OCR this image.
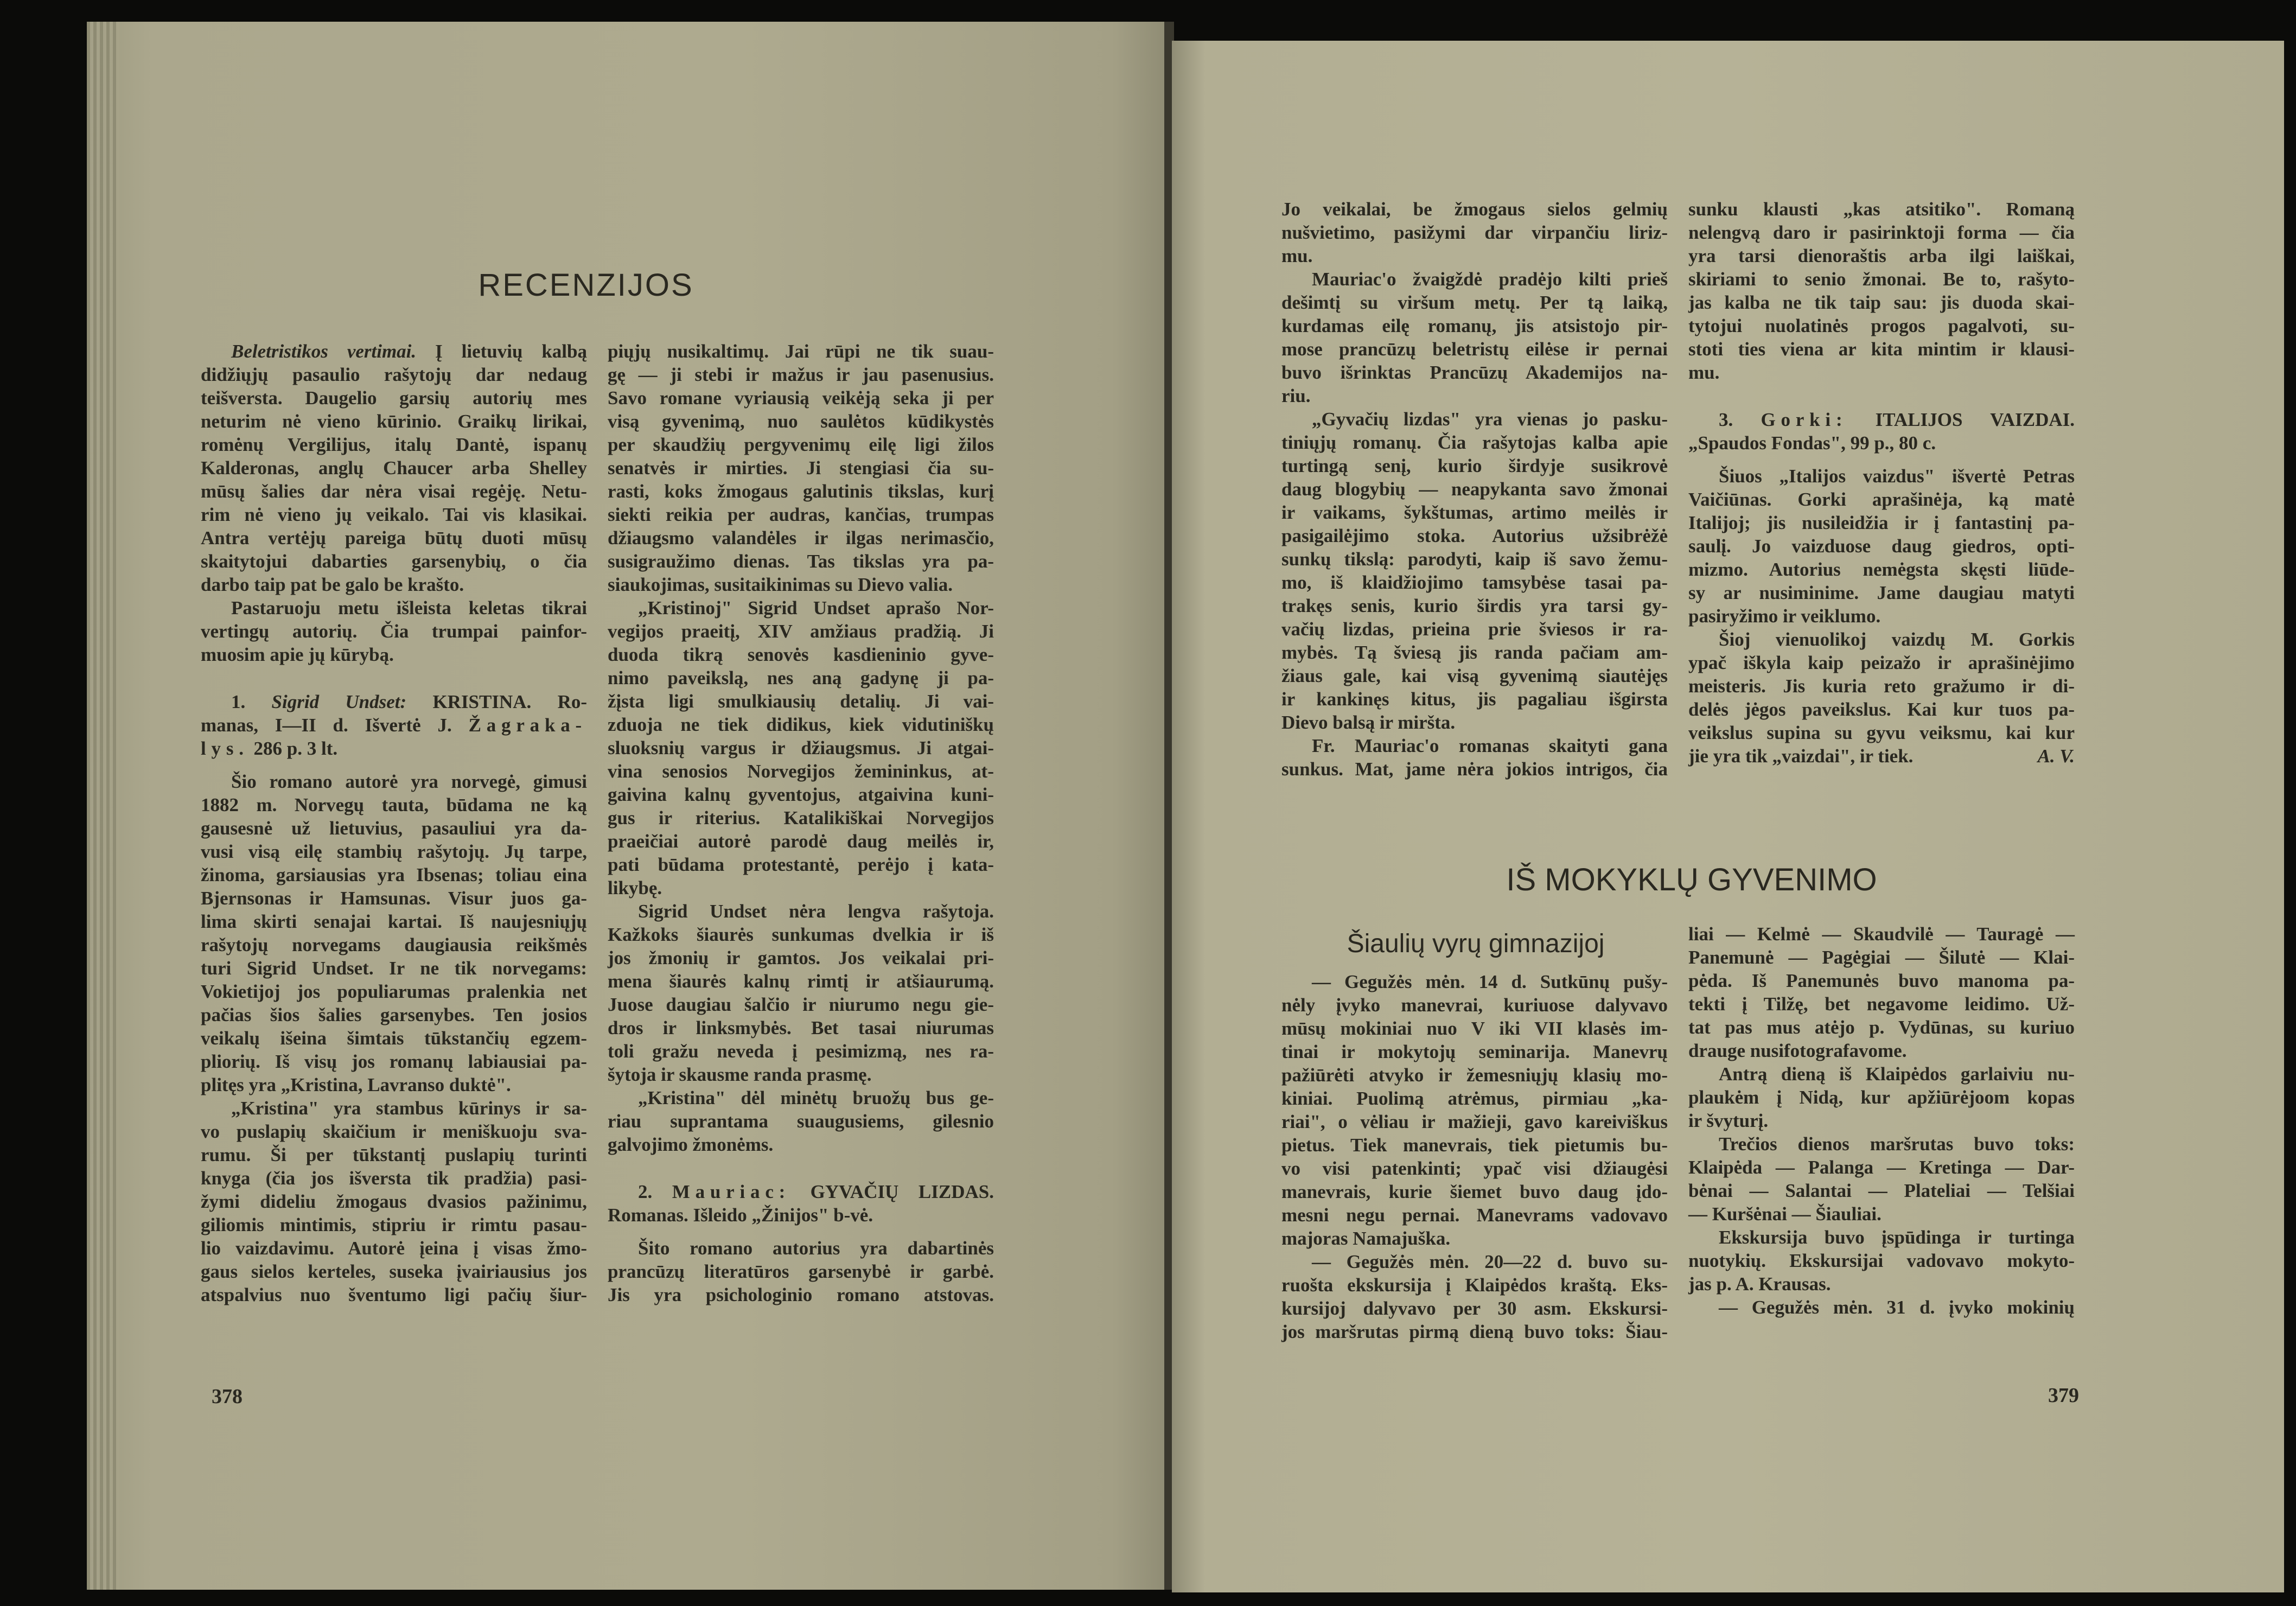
RECENZIJOS
Beletristikos vertimai. Į lietuvių kalbą
didžiųjų pasaulio rašytojų dar nedaug
teišversta. Daugelio garsių autorių mes
neturim nė vieno kūrinio. Graikų lirikai,
romėnų Vergilijus, italų Dantė, ispanų
Kalderonas, anglų Chaucer arba Shelley
mūsų šalies dar nėra visai regėję. Netu-
rim nė vieno jų veikalo. Tai vis klasikai.
Antra vertėjų pareiga būtų duoti mūsų
skaitytojui dabarties garsenybių, o čia
darbo taip pat be galo be krašto.
Pastaruoju metu išleista keletas tikrai
vertingų autorių. Čia trumpai painfor-
muosim apie jų kūrybą.
1. Sigrid Undset: KRISTINA. Ro-
manas, I—II d. Išvertė J. Žagraka-
lys. 286 p. 3 lt.
Šio romano autorė yra norvegė, gimusi
1882 m. Norvegų tauta, būdama ne ką
gausesnė už lietuvius, pasauliui yra da-
vusi visą eilę stambių rašytojų. Jų tarpe,
žinoma, garsiausias yra Ibsenas; toliau eina
Bjernsonas ir Hamsunas. Visur juos ga-
lima skirti senajai kartai. Iš naujesniųjų
rašytojų norvegams daugiausia reikšmės
turi Sigrid Undset. Ir ne tik norvegams:
Vokietijoj jos populiarumas pralenkia net
pačias šios šalies garsenybes. Ten josios
veikalų išeina šimtais tūkstančių egzem-
pliorių. Iš visų jos romanų labiausiai pa-
plitęs yra „Kristina, Lavranso duktė".
„Kristina" yra stambus kūrinys ir sa-
vo puslapių skaičium ir meniškuoju sva-
rumu. Ši per tūkstantį puslapių turinti
knyga (čia jos išversta tik pradžia) pasi-
žymi dideliu žmogaus dvasios pažinimu,
giliomis mintimis, stipriu ir rimtu pasau-
lio vaizdavimu. Autorė įeina į visas žmo-
gaus sielos kerteles, suseka įvairiausius jos
atspalvius nuo šventumo ligi pačių šiur-
piųjų nusikaltimų. Jai rūpi ne tik suau-
gę — ji stebi ir mažus ir jau pasenusius.
Savo romane vyriausią veikėją seka ji per
visą gyvenimą, nuo saulėtos kūdikystės
per skaudžių pergyvenimų eilę ligi žilos
senatvės ir mirties. Ji stengiasi čia su-
rasti, koks žmogaus galutinis tikslas, kurį
siekti reikia per audras, kančias, trumpas
džiaugsmo valandėles ir ilgas nerimasčio,
susigraužimo dienas. Tas tikslas yra pa-
siaukojimas, susitaikinimas su Dievo valia.
„Kristinoj" Sigrid Undset aprašo Nor-
vegijos praeitį, XIV amžiaus pradžią. Ji
duoda tikrą senovės kasdieninio gyve-
nimo paveikslą, nes aną gadynę ji pa-
žįsta ligi smulkiausių detalių. Ji vai-
zduoja ne tiek didikus, kiek vidutiniškų
sluoksnių vargus ir džiaugsmus. Ji atgai-
vina senosios Norvegijos žemininkus, at-
gaivina kalnų gyventojus, atgaivina kuni-
gus ir riterius. Katalikiškai Norvegijos
praeičiai autorė parodė daug meilės ir,
pati būdama protestantė, perėjo į kata-
likybę.
Sigrid Undset nėra lengva rašytoja.
Kažkoks šiaurės sunkumas dvelkia ir iš
jos žmonių ir gamtos. Jos veikalai pri-
mena šiaurės kalnų rimtį ir atšiaurumą.
Juose daugiau šalčio ir niurumo negu gie-
dros ir linksmybės. Bet tasai niurumas
toli gražu neveda į pesimizmą, nes ra-
šytoja ir skausme randa prasmę.
„Kristina" dėl minėtų bruožų bus ge-
riau suprantama suaugusiems, gilesnio
galvojimo žmonėms.
2. Mauriac: GYVAČIŲ LIZDAS.
Romanas. Išleido „Žinijos" b-vė.
Šito romano autorius yra dabartinės
prancūzų literatūros garsenybė ir garbė.
Jis yra psichologinio romano atstovas.
378
Jo veikalai, be žmogaus sielos gelmių
nušvietimo, pasižymi dar virpančiu liriz-
mu.
Mauriac'o žvaigždė pradėjo kilti prieš
dešimtį su viršum metų. Per tą laiką,
kurdamas eilę romanų, jis atsistojo pir-
mose prancūzų beletristų eilėse ir pernai
buvo išrinktas Prancūzų Akademijos na-
riu.
„Gyvačių lizdas" yra vienas jo pasku-
tiniųjų romanų. Čia rašytojas kalba apie
turtingą senį, kurio širdyje susikrovė
daug blogybių — neapykanta savo žmonai
ir vaikams, šykštumas, artimo meilės ir
pasigailėjimo stoka. Autorius užsibrėžė
sunkų tikslą: parodyti, kaip iš savo žemu-
mo, iš klaidžiojimo tamsybėse tasai pa-
trakęs senis, kurio širdis yra tarsi gy-
vačių lizdas, prieina prie šviesos ir ra-
mybės. Tą šviesą jis randa pačiam am-
žiaus gale, kai visą gyvenimą siautėjęs
ir kankinęs kitus, jis pagaliau išgirsta
Dievo balsą ir miršta.
Fr. Mauriac'o romanas skaityti gana
sunkus. Mat, jame nėra jokios intrigos, čia
sunku klausti „kas atsitiko". Romaną
nelengvą daro ir pasirinktoji forma — čia
yra tarsi dienoraštis arba ilgi laiškai,
skiriami to senio žmonai. Be to, rašyto-
jas kalba ne tik taip sau: jis duoda skai-
tytojui nuolatinės progos pagalvoti, su-
stoti ties viena ar kita mintim ir klausi-
mu.
3. Gorki: ITALIJOS VAIZDAI.
„Spaudos Fondas", 99 p., 80 c.
Šiuos „Italijos vaizdus" išvertė Petras
Vaičiūnas. Gorki aprašinėja, ką matė
Italijoj; jis nusileidžia ir į fantastinį pa-
saulį. Jo vaizduose daug giedros, opti-
mizmo. Autorius nemėgsta skęsti liūde-
sy ar nusiminime. Jame daugiau matyti
pasiryžimo ir veiklumo.
Šioj vienuolikoj vaizdų M. Gorkis
ypač iškyla kaip peizažo ir aprašinėjimo
meisteris. Jis kuria reto gražumo ir di-
delės jėgos paveikslus. Kai kur tuos pa-
veikslus supina su gyvu veiksmu, kai kur
jie yra tik „vaizdai", ir tiek.	A. V.
IŠ MOKYKLŲ GYVENIMO
Šiaulių vyrų gimnazijoj
— Gegužės mėn. 14 d. Sutkūnų pušy-
nėly įvyko manevrai, kuriuose dalyvavo
mūsų mokiniai nuo V iki VII klasės im-
tinai ir mokytojų seminarija. Manevrų
pažiūrėti atvyko ir žemesniųjų klasių mo-
kiniai. Puolimą atrėmus, pirmiau „ka-
riai", o vėliau ir mažieji, gavo kareiviškus
pietus. Tiek manevrais, tiek pietumis bu-
vo visi patenkinti; ypač visi džiaugėsi
manevrais, kurie šiemet buvo daug įdo-
mesni negu pernai. Manevrams vadovavo
majoras Namajuška.
— Gegužės mėn. 20—22 d. buvo su-
ruošta ekskursija į Klaipėdos kraštą. Eks-
kursijoj dalyvavo per 30 asm. Ekskursi-
jos maršrutas pirmą dieną buvo toks: Šiau-
liai — Kelmė — Skaudvilė — Tauragė —
Panemunė — Pagėgiai — Šilutė — Klai-
pėda. Iš Panemunės buvo manoma pa-
tekti į Tilžę, bet negavome leidimo. Už-
tat pas mus atėjo p. Vydūnas, su kuriuo
drauge nusifotografavome.
Antrą dieną iš Klaipėdos garlaiviu nu-
plaukėm į Nidą, kur apžiūrėjoom kopas
ir švyturį.
Trečios dienos maršrutas buvo toks:
Klaipėda — Palanga — Kretinga — Dar-
bėnai — Salantai — Plateliai — Telšiai
— Kuršėnai — Šiauliai.
Ekskursija buvo įspūdinga ir turtinga
nuotykių. Ekskursijai vadovavo mokyto-
jas p. A. Krausas.
— Gegužės mėn. 31 d. įvyko mokinių
379
